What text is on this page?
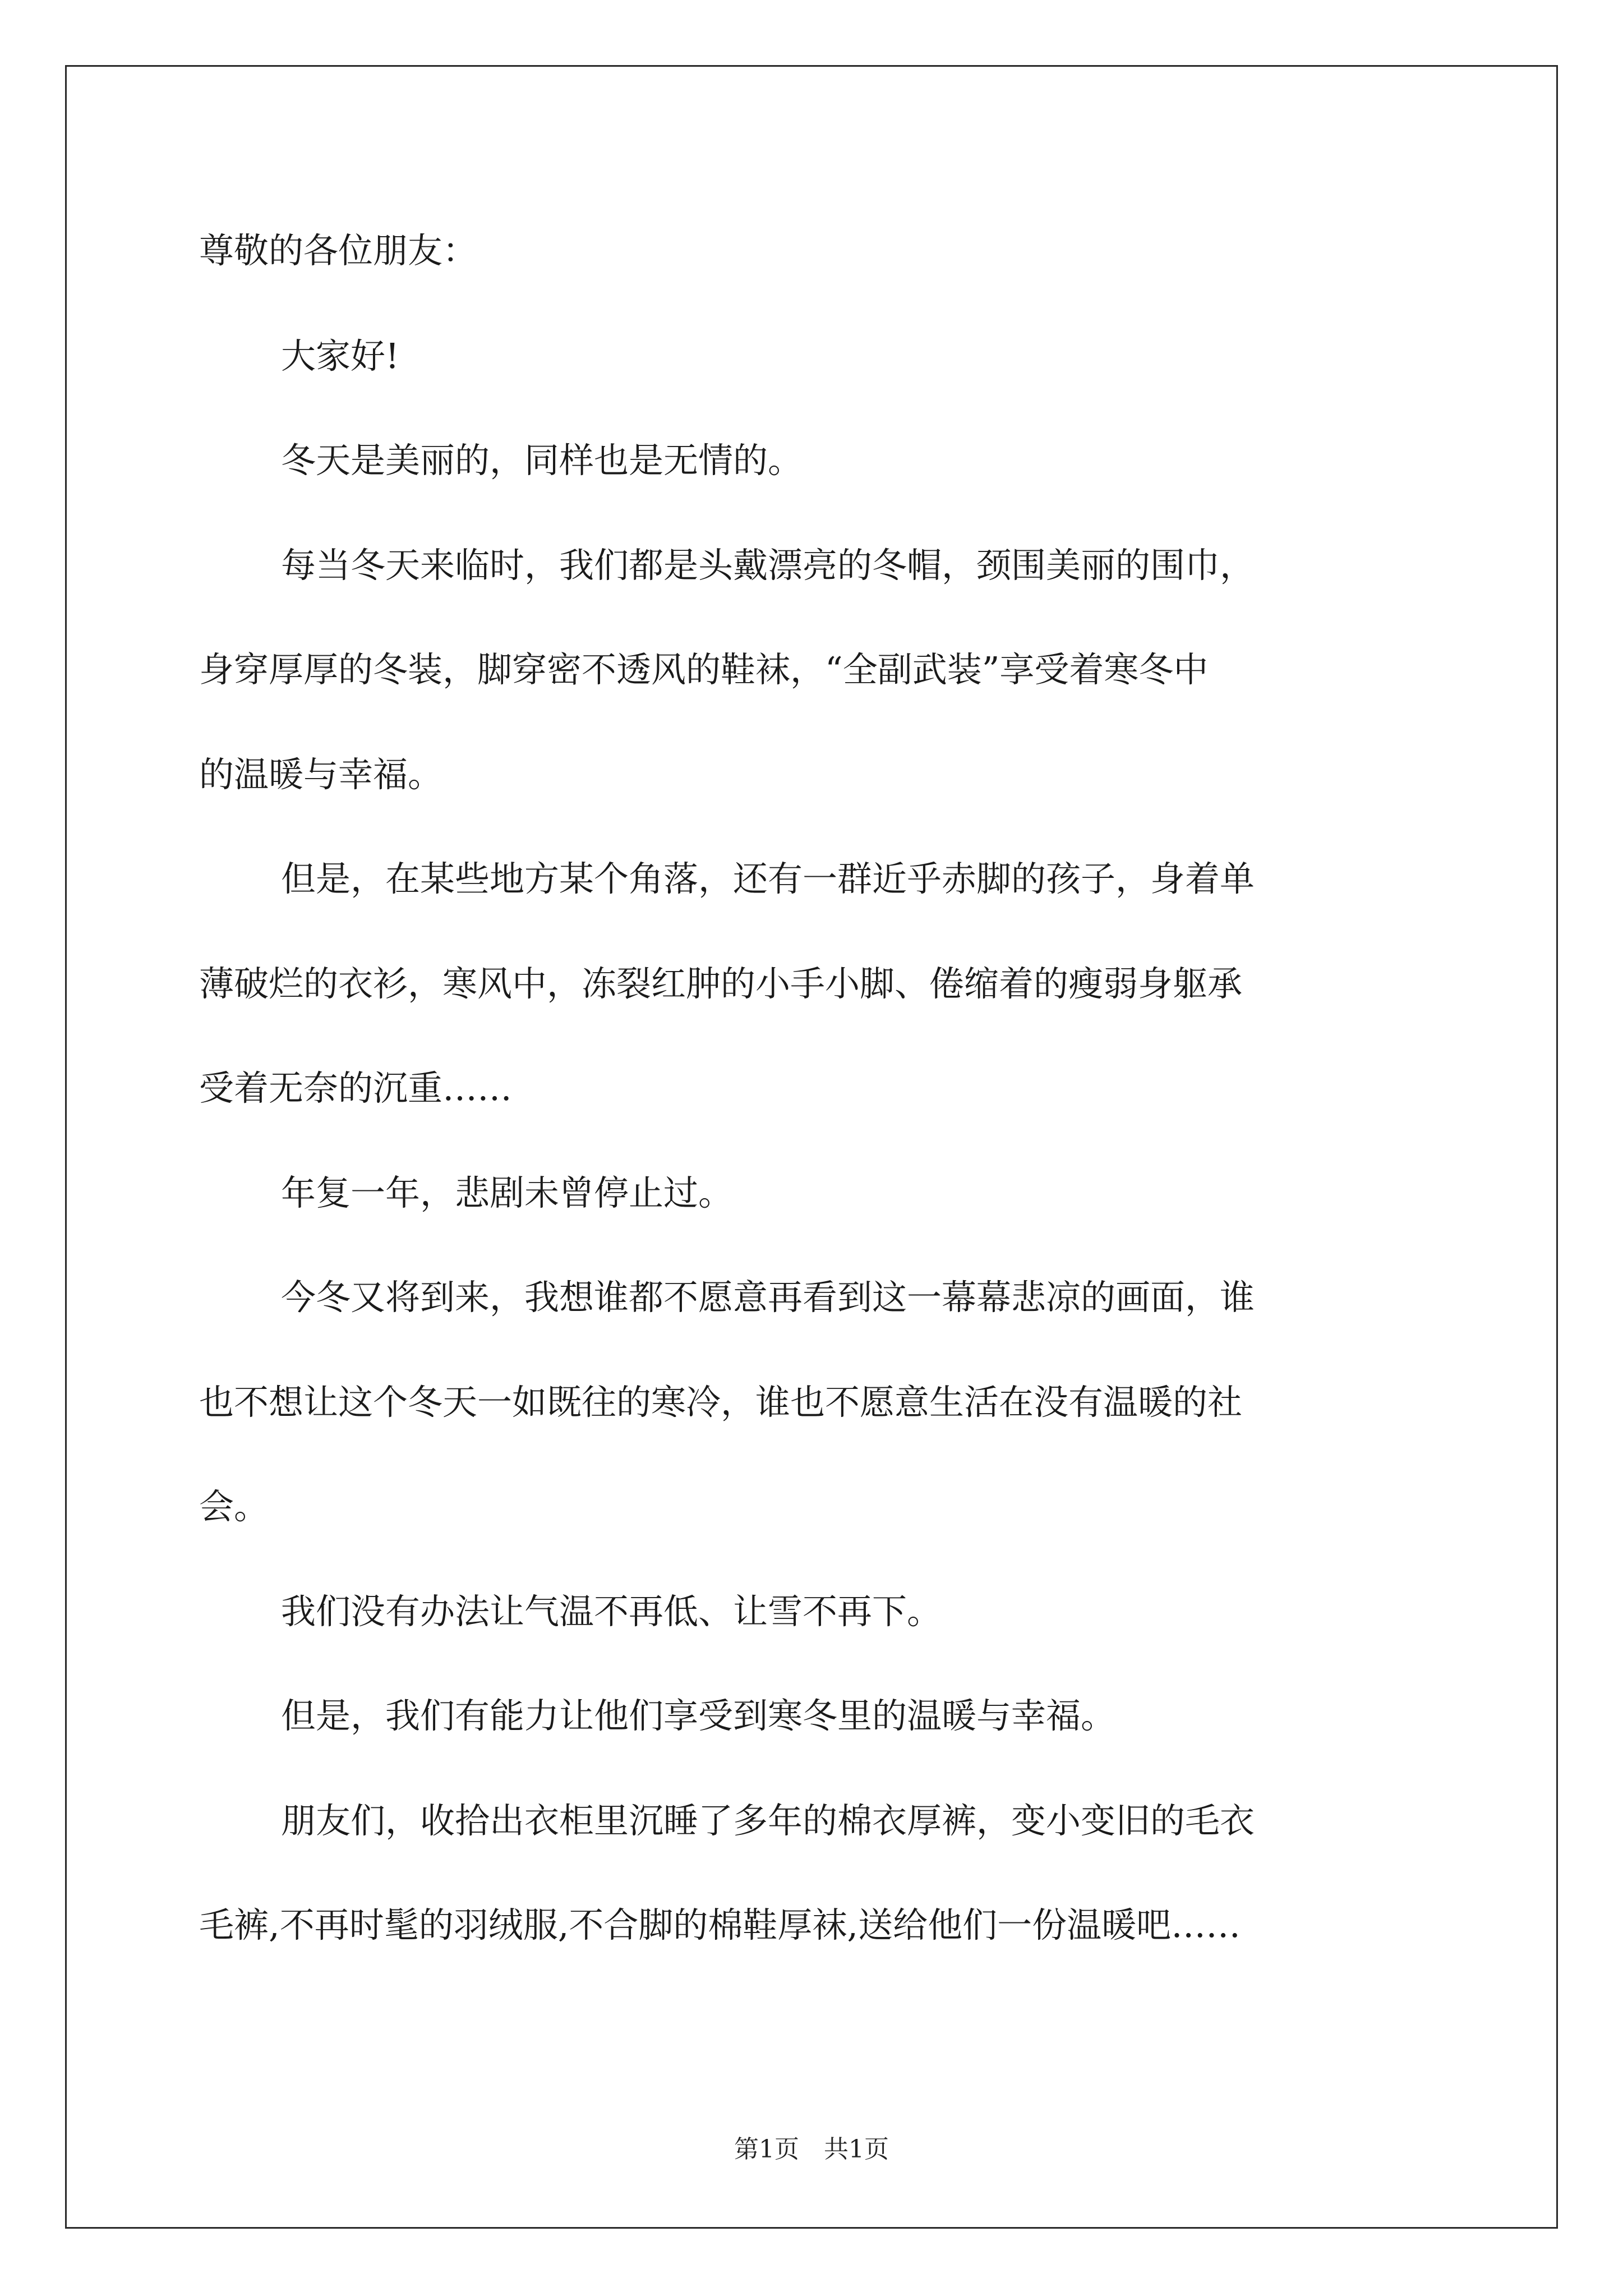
尊敬的各位朋友：
大家好!
冬天是美丽的，同样也是无情的。
每当冬天来临时，我们都是头戴漂亮的冬帽，颈围美丽的围巾，
身穿厚厚的冬装，脚穿密不透风的鞋袜，“全副武装”享受着寒冬中
的温暖与幸福。
但是，在某些地方某个角落，还有一群近乎赤脚的孩子，身着单
薄破烂的衣衫，寒风中，冻裂红肿的小手小脚、倦缩着的瘦弱身躯承
受着无奈的沉重……
年复一年，悲剧未曾停止过。
今冬又将到来，我想谁都不愿意再看到这一幕幕悲凉的画面，谁
也不想让这个冬天一如既往的寒冷，谁也不愿意生活在没有温暖的社
会。
我们没有办法让气温不再低、让雪不再下。
但是，我们有能力让他们享受到寒冬里的温暖与幸福。
朋友们，收拾出衣柜里沉睡了多年的棉衣厚裤，变小变旧的毛衣
毛裤,不再时髦的羽绒服,不合脚的棉鞋厚袜,送给他们一份温暖吧……
第1页　共1页
